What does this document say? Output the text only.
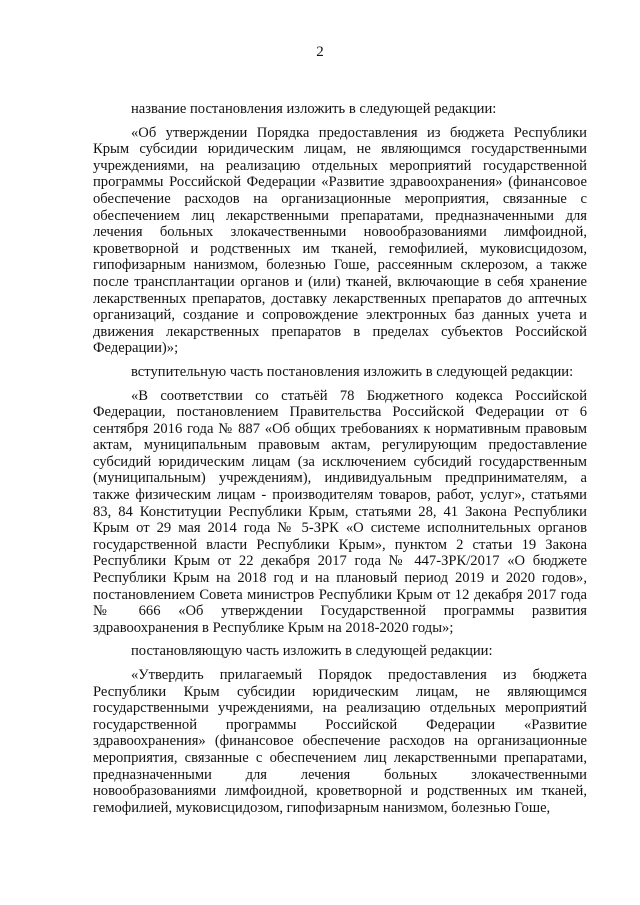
2

название постановления изложить в следующей редакции:

«Об утверждении Порядка предоставления из бюджета Республики Крым субсидии юридическим лицам, не являющимся государственными учреждениями, на реализацию отдельных мероприятий государственной программы Российской Федерации «Развитие здравоохранения» (финансовое обеспечение расходов на организационные мероприятия, связанные с обеспечением лиц лекарственными препаратами, предназначенными для лечения больных злокачественными новообразованиями лимфоидной, кроветворной и родственных им тканей, гемофилией, муковисцидозом, гипофизарным нанизмом, болезнью Гоше, рассеянным склерозом, а также после трансплантации органов и (или) тканей, включающие в себя хранение лекарственных препаратов, доставку лекарственных препаратов до аптечных организаций, создание и сопровождение электронных баз данных учета и движения лекарственных препаратов в пределах субъектов Российской Федерации)»;

вступительную часть постановления изложить в следующей редакции:

«В соответствии со статьёй 78 Бюджетного кодекса Российской Федерации, постановлением Правительства Российской Федерации от 6 сентября 2016 года № 887 «Об общих требованиях к нормативным правовым актам, муниципальным правовым актам, регулирующим предоставление субсидий юридическим лицам (за исключением субсидий государственным (муниципальным) учреждениям), индивидуальным предпринимателям, а также физическим лицам - производителям товаров, работ, услуг», статьями 83, 84 Конституции Республики Крым, статьями 28, 41 Закона Республики Крым от 29 мая 2014 года № 5-ЗРК «О системе исполнительных органов государственной власти Республики Крым», пунктом 2 статьи 19 Закона Республики Крым от 22 декабря 2017 года № 447-ЗРК/2017 «О бюджете Республики Крым на 2018 год и на плановый период 2019 и 2020 годов», постановлением Совета министров Республики Крым от 12 декабря 2017 года № 666 «Об утверждении Государственной программы развития здравоохранения в Республике Крым на 2018-2020 годы»;

постановляющую часть изложить в следующей редакции:

«Утвердить прилагаемый Порядок предоставления из бюджета Республики Крым субсидии юридическим лицам, не являющимся государственными учреждениями, на реализацию отдельных мероприятий государственной программы Российской Федерации «Развитие здравоохранения» (финансовое обеспечение расходов на организационные мероприятия, связанные с обеспечением лиц лекарственными препаратами, предназначенными для лечения больных злокачественными новообразованиями лимфоидной, кроветворной и родственных им тканей, гемофилией, муковисцидозом, гипофизарным нанизмом, болезнью Гоше,
